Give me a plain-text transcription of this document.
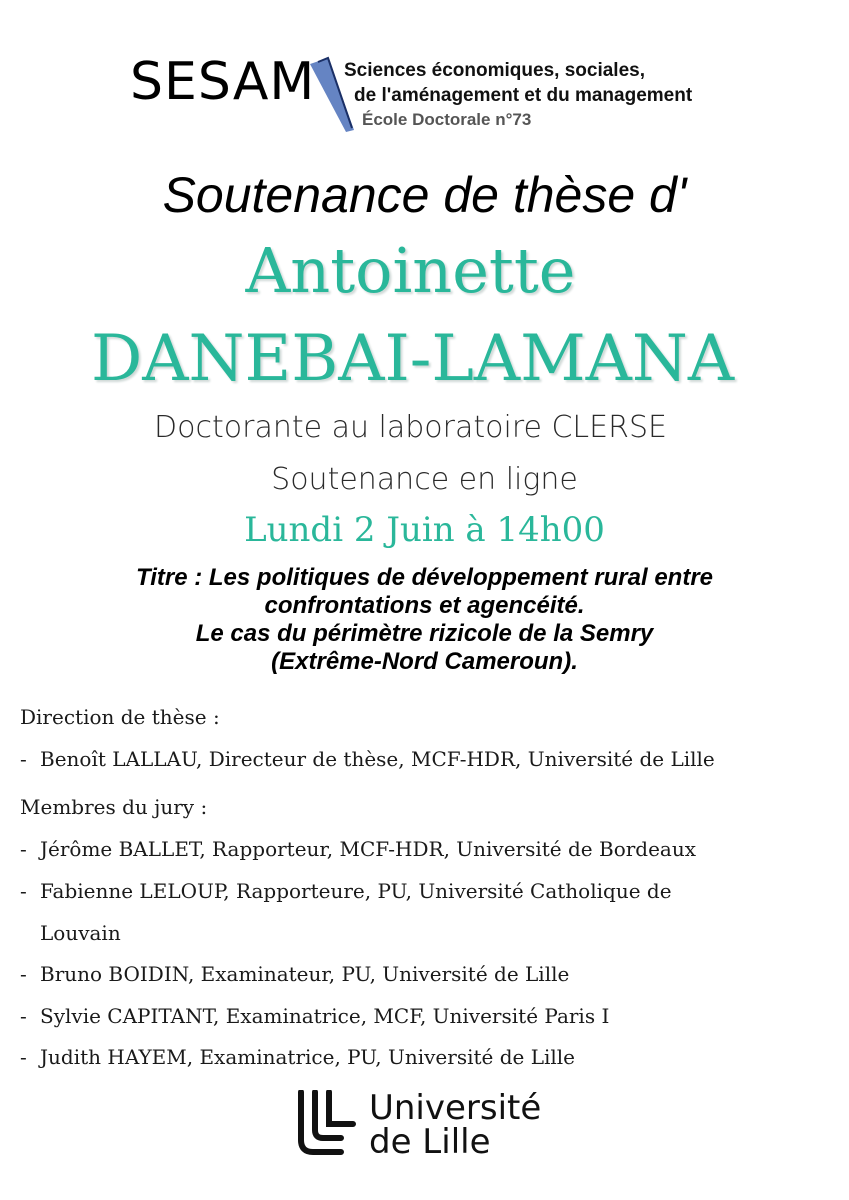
SESAM Sciences économiques, sociales,
de l'aménagement et du management
École Doctorale n°73
Soutenance de thèse d'
Antoinette
DANEBAI-LAMANA
Doctorante au laboratoire CLERSE
Soutenance en ligne
Lundi 2 Juin à 14h00
Titre : Les politiques de développement rural entre
confrontations et agencéité.
Le cas du périmètre rizicole de la Semry
(Extrême-Nord Cameroun).
Direction de thèse :
- Benoît LALLAU, Directeur de thèse, MCF-HDR, Université de Lille
Membres du jury :
- Jérôme BALLET, Rapporteur, MCF-HDR, Université de Bordeaux
- Fabienne LELOUP, Rapporteure, PU, Université Catholique de
Louvain
- Bruno BOIDIN, Examinateur, PU, Université de Lille
- Sylvie CAPITANT, Examinatrice, MCF, Université Paris I
- Judith HAYEM, Examinatrice, PU, Université de Lille
Université
de Lille
